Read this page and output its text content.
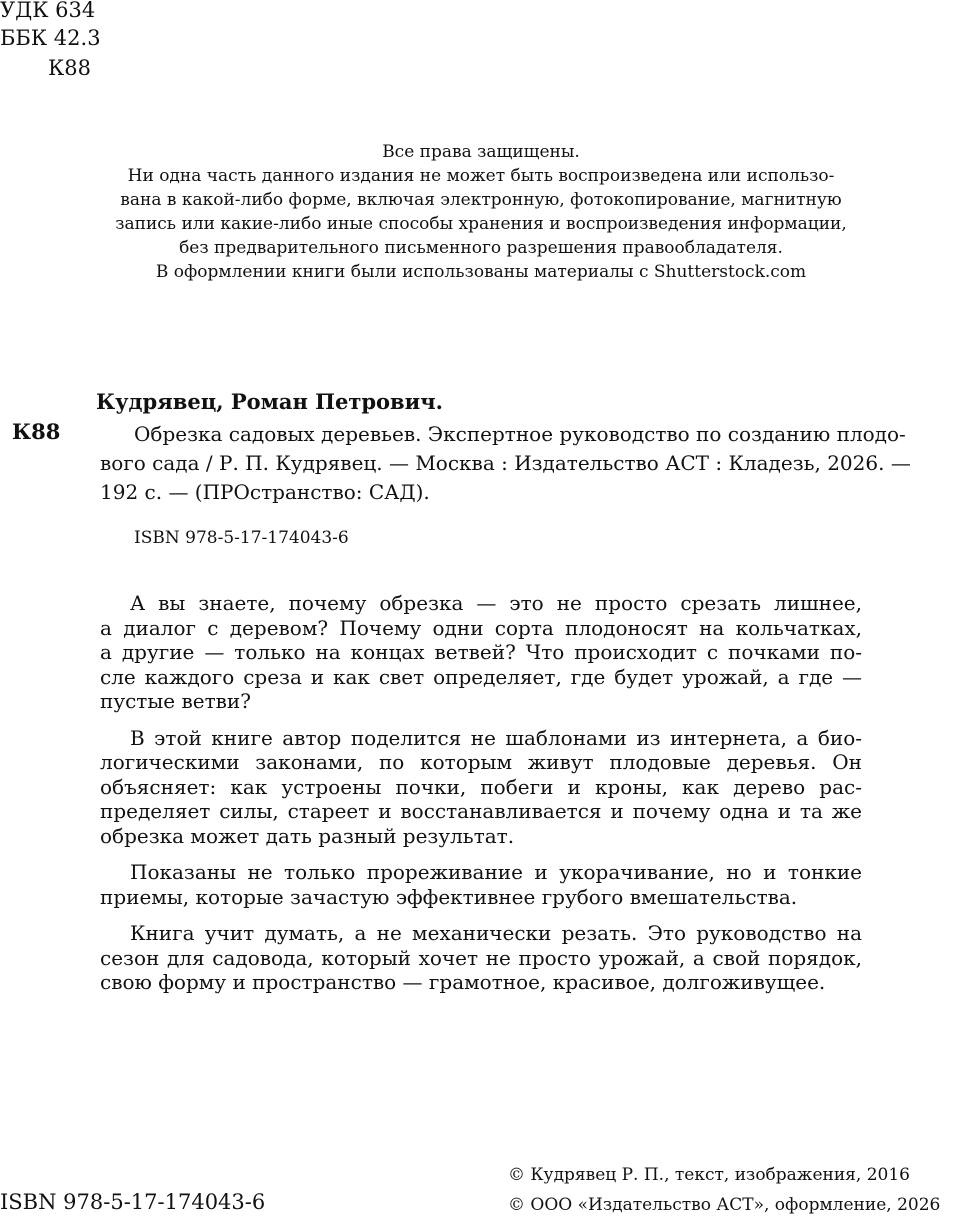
УДК 634
ББК 42.3
К88
Все права защищены.
Ни одна часть данного издания не может быть воспроизведена или использо-
вана в какой-либо форме, включая электронную, фотокопирование, магнитную
запись или какие-либо иные способы хранения и воспроизведения информации,
без предварительного письменного разрешения правообладателя.
В оформлении книги были использованы материалы с Shutterstock.com
Кудрявец, Роман Петрович.
К88	Обрезка садовых деревьев. Экспертное руководство по созданию плодо-
вого сада / Р. П. Кудрявец. — Москва : Издательство АСТ : Кладезь, 2026. —
192 с. — (ПРОстранство: САД).
ISBN 978-5-17-174043-6
А вы знаете, почему обрезка — это не просто срезать лишнее,
а диалог с деревом? Почему одни сорта плодоносят на кольчатках,
а другие — только на концах ветвей? Что происходит с почками по-
сле каждого среза и как свет определяет, где будет урожай, а где —
пустые ветви?
В этой книге автор поделится не шаблонами из интернета, а био-
логическими законами, по которым живут плодовые деревья. Он
объясняет: как устроены почки, побеги и кроны, как дерево рас-
пределяет силы, стареет и восстанавливается и почему одна и та же
обрезка может дать разный результат.
Показаны не только прореживание и укорачивание, но и тонкие
приемы, которые зачастую эффективнее грубого вмешательства.
Книга учит думать, а не механически резать. Это руководство на
сезон для садовода, который хочет не просто урожай, а свой порядок,
свою форму и пространство — грамотное, красивое, долгоживущее.
© Кудрявец Р. П., текст, изображения, 2016
© ООО «Издательство АСТ», оформление, 2026
ISBN 978-5-17-174043-6
